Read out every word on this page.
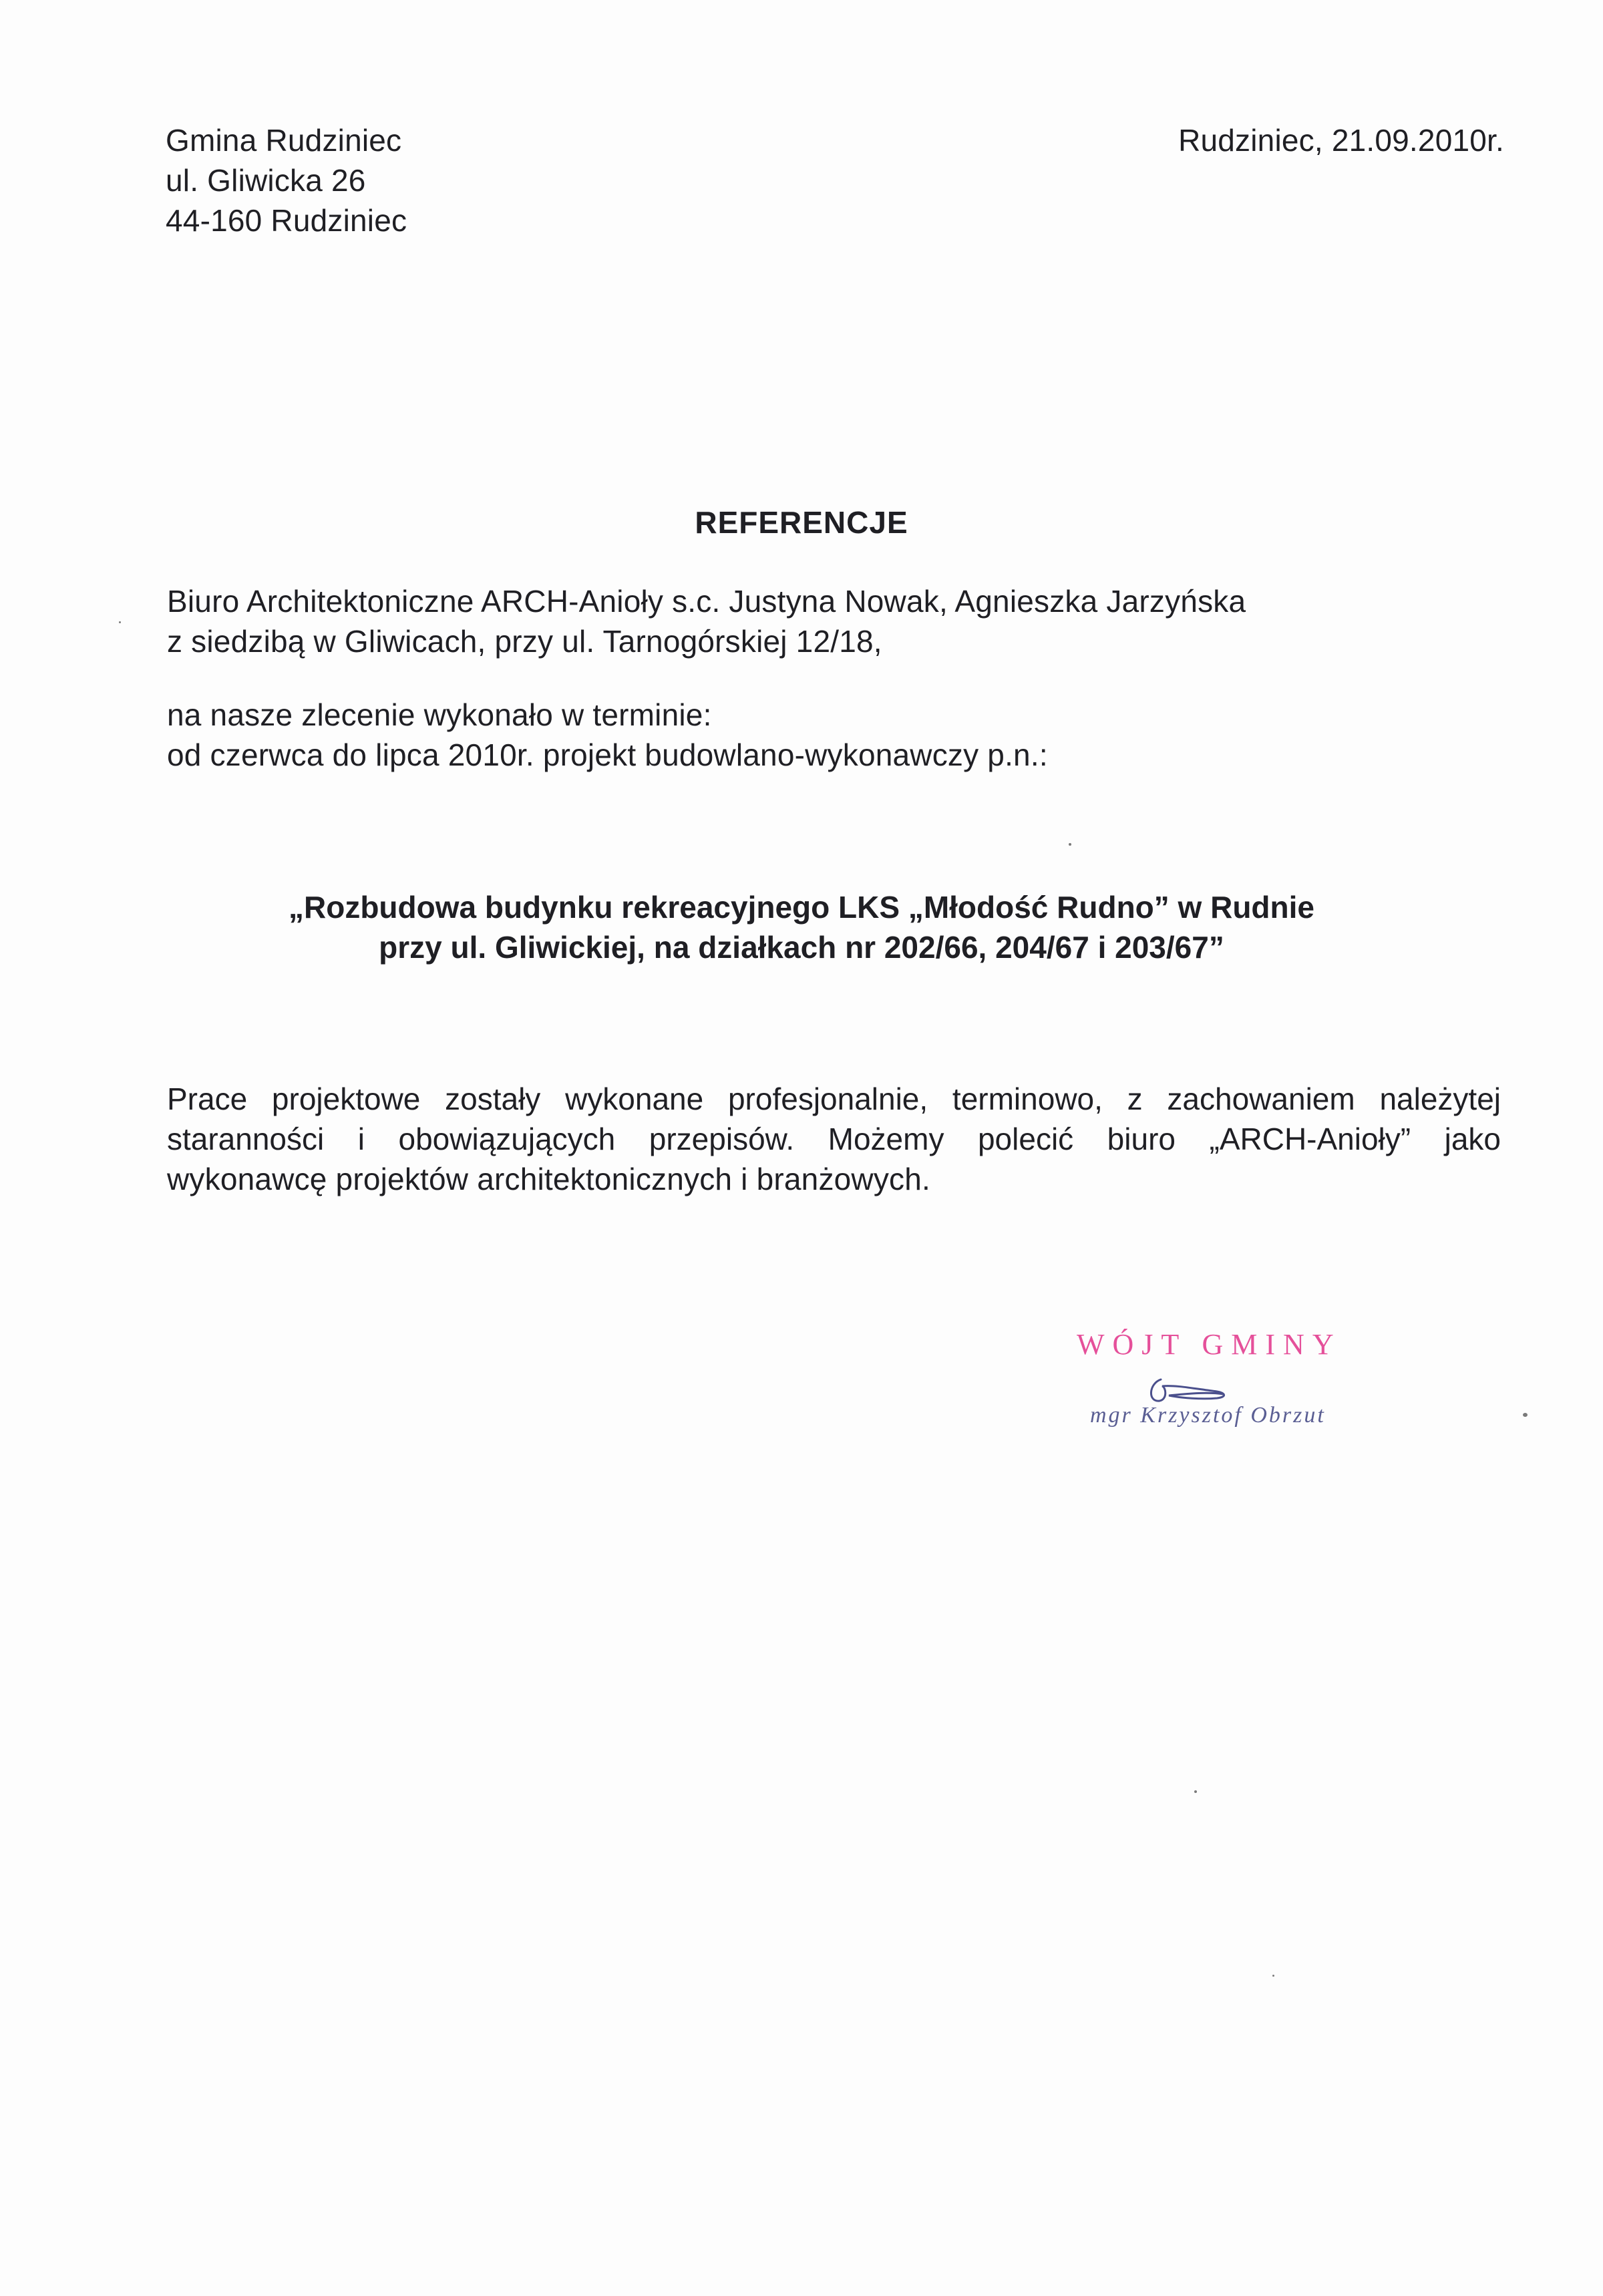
Gmina Rudziniec
ul. Gliwicka 26
44-160 Rudziniec
Rudziniec, 21.09.2010r.
REFERENCJE
Biuro Architektoniczne ARCH-Anioły s.c. Justyna Nowak, Agnieszka Jarzyńska
z siedzibą w Gliwicach, przy ul. Tarnogórskiej 12/18,
na nasze zlecenie wykonało w terminie:
od czerwca do lipca 2010r. projekt budowlano-wykonawczy p.n.:
„Rozbudowa budynku rekreacyjnego LKS „Młodość Rudno” w Rudnie
przy ul. Gliwickiej, na działkach nr 202/66, 204/67 i 203/67”
Prace projektowe zostały wykonane profesjonalnie, terminowo, z zachowaniem należytej
staranności i obowiązujących przepisów. Możemy polecić biuro „ARCH-Anioły” jako
wykonawcę projektów architektonicznych i branżowych.
WÓJT GMINY
mgr Krzysztof Obrzut
